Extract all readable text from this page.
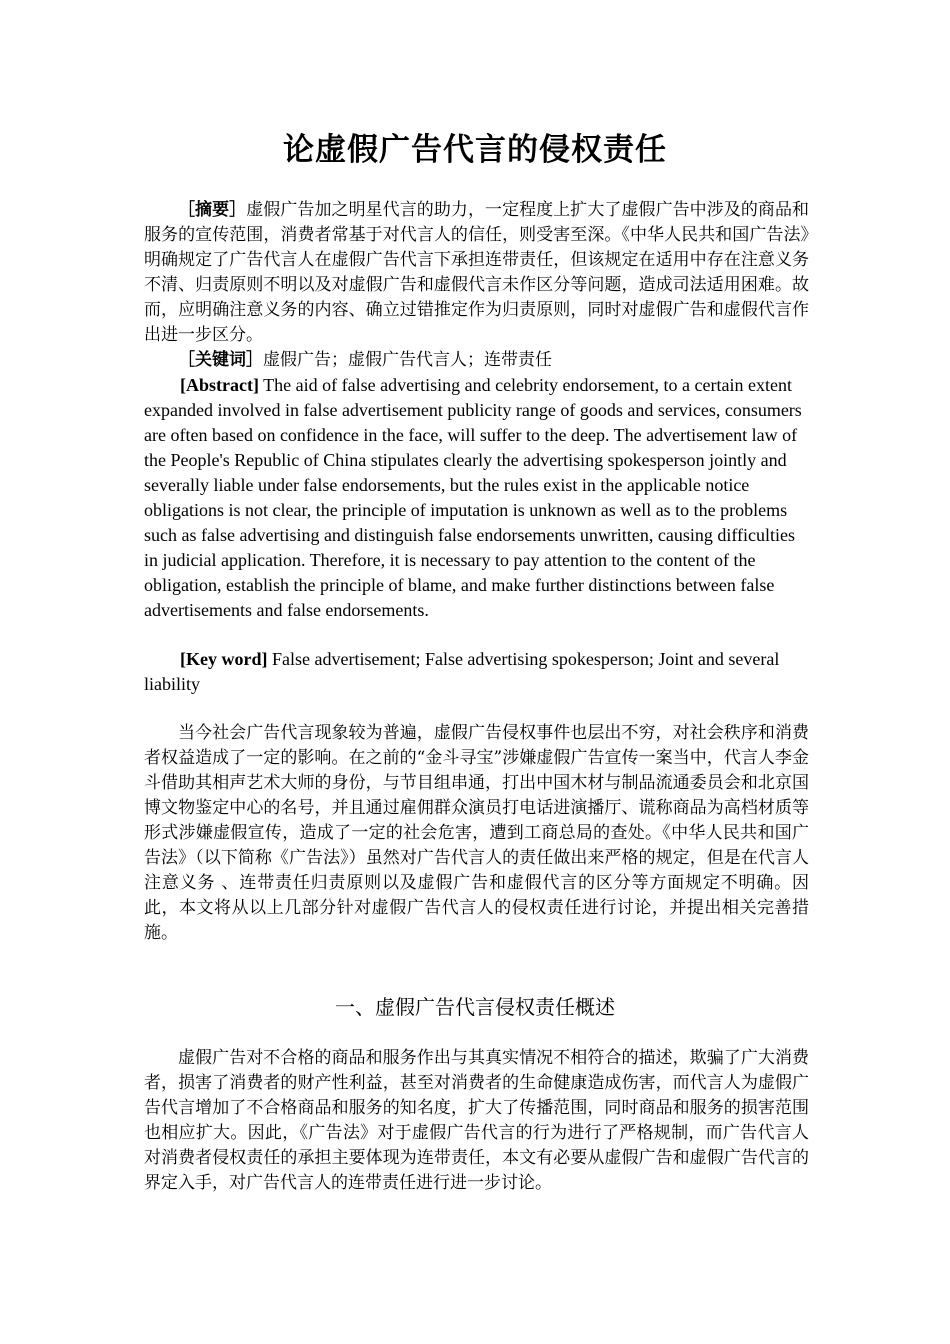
论虚假广告代言的侵权责任

［摘要］虚假广告加之明星代言的助力，一定程度上扩大了虚假广告中涉及的商品和服务的宣传范围，消费者常基于对代言人的信任，则受害至深。《中华人民共和国广告法》明确规定了广告代言人在虚假广告代言下承担连带责任，但该规定在适用中存在注意义务不清、归责原则不明以及对虚假广告和虚假代言未作区分等问题，造成司法适用困难。故而，应明确注意义务的内容、确立过错推定作为归责原则，同时对虚假广告和虚假代言作出进一步区分。

［关键词］虚假广告；虚假广告代言人；连带责任

[Abstract] The aid of false advertising and celebrity endorsement, to a certain extent expanded involved in false advertisement publicity range of goods and services, consumers are often based on confidence in the face, will suffer to the deep. The advertisement law of the People's Republic of China stipulates clearly the advertising spokesperson jointly and severally liable under false endorsements, but the rules exist in the applicable notice obligations is not clear, the principle of imputation is unknown as well as to the problems such as false advertising and distinguish false endorsements unwritten, causing difficulties in judicial application. Therefore, it is necessary to pay attention to the content of the obligation, establish the principle of blame, and make further distinctions between false advertisements and false endorsements.

[Key word] False advertisement; False advertising spokesperson; Joint and several liability

当今社会广告代言现象较为普遍，虚假广告侵权事件也层出不穷，对社会秩序和消费者权益造成了一定的影响。在之前的“金斗寻宝”涉嫌虚假广告宣传一案当中，代言人李金斗借助其相声艺术大师的身份，与节目组串通，打出中国木材与制品流通委员会和北京国博文物鉴定中心的名号，并且通过雇佣群众演员打电话进演播厅、谎称商品为高档材质等形式涉嫌虚假宣传，造成了一定的社会危害，遭到工商总局的查处。《中华人民共和国广告法》（以下简称《广告法》）虽然对广告代言人的责任做出来严格的规定，但是在代言人注意义务 、连带责任归责原则以及虚假广告和虚假代言的区分等方面规定不明确。因此，本文将从以上几部分针对虚假广告代言人的侵权责任进行讨论，并提出相关完善措施。

一、虚假广告代言侵权责任概述

虚假广告对不合格的商品和服务作出与其真实情况不相符合的描述，欺骗了广大消费者，损害了消费者的财产性利益，甚至对消费者的生命健康造成伤害，而代言人为虚假广告代言增加了不合格商品和服务的知名度，扩大了传播范围，同时商品和服务的损害范围也相应扩大。因此，《广告法》对于虚假广告代言的行为进行了严格规制，而广告代言人对消费者侵权责任的承担主要体现为连带责任，本文有必要从虚假广告和虚假广告代言的界定入手，对广告代言人的连带责任进行进一步讨论。
